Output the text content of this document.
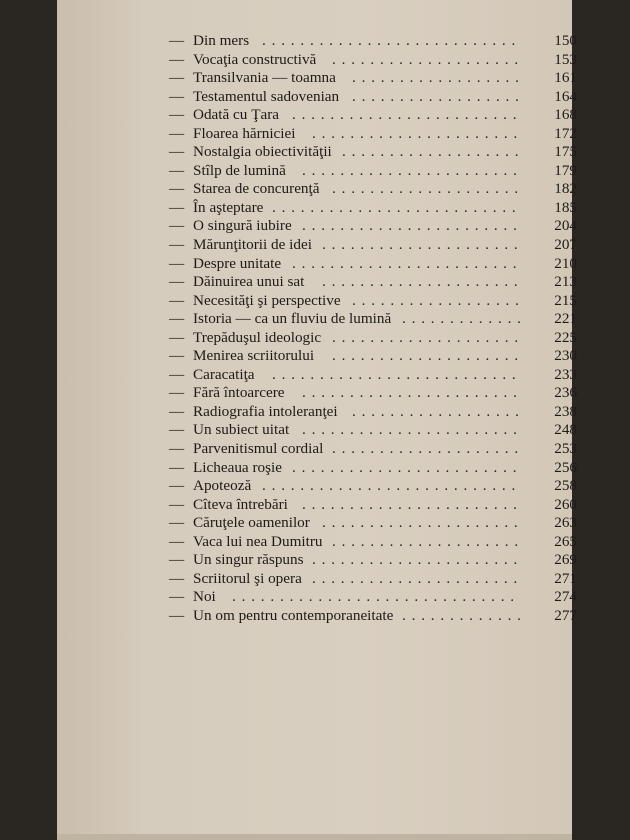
— Din mers	150
...........................
— Vocaţia constructivă	153
....................
— Transilvania — toamna	161
..................
— Testamentul sadovenian	164
..................
— Odată cu Ţara	168
........................
— Floarea hărniciei	172
......................
— Nostalgia obiectivităţii	175
...................
— Stîlp de lumină	179
.......................
— Starea de concurenţă	182
....................
— În aşteptare	185
..........................
— O singură iubire	204
.......................
— Mărunţitorii de idei	207
.....................
— Despre unitate	210
........................
— Dăinuirea unui sat	213
.....................
— Necesităţi şi perspective	215
..................
— Istoria — ca un fluviu de lumină	221
.............
— Trepăduşul ideologic	225
....................
— Menirea scriitorului	230
....................
— Caracatiţa	233
..........................
— Fără întoarcere	236
.......................
— Radiografia intoleranţei	238
..................
— Un subiect uitat	248
.......................
— Parvenitismul cordial	253
....................
— Licheaua roşie	256
........................
— Apoteoză	258
...........................
— Cîteva întrebări	260
.......................
— Căruţele oamenilor	263
.....................
— Vaca lui nea Dumitru	265
....................
— Un singur răspuns	269
......................
— Scriitorul şi opera	271
......................
— Noi	274
..............................
— Un om pentru contemporaneitate	277
.............
